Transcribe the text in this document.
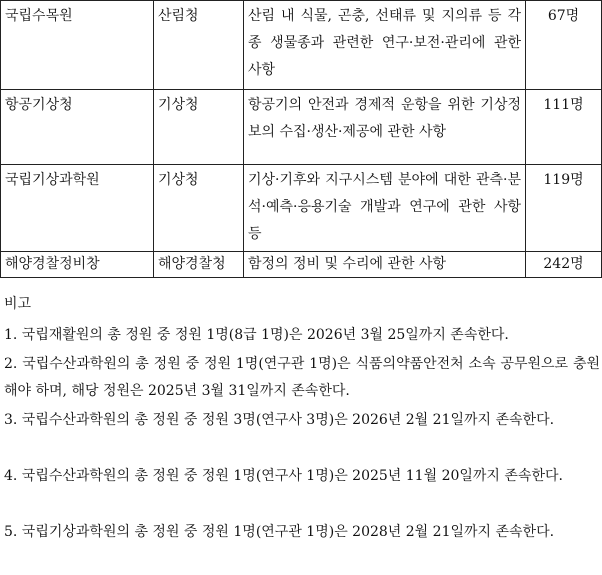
국립수목원	산림청	산림 내 식물, 곤충, 선태류 및 지의류 등 각종 생물종과 관련한 연구·보전·관리에 관한 사항	67명
항공기상청	기상청	항공기의 안전과 경제적 운항을 위한 기상정보의 수집·생산·제공에 관한 사항	111명
국립기상과학원	기상청	기상·기후와 지구시스템 분야에 대한 관측·분석·예측·응용기술 개발과 연구에 관한 사항 등	119명
해양경찰정비창	해양경찰청	함정의 정비 및 수리에 관한 사항	242명
비고
1. 국립재활원의 총 정원 중 정원 1명(8급 1명)은 2026년 3월 25일까지 존속한다.
2. 국립수산과학원의 총 정원 중 정원 1명(연구관 1명)은 식품의약품안전처 소속 공무원으로 충원해야 하며, 해당 정원은 2025년 3월 31일까지 존속한다.
3. 국립수산과학원의 총 정원 중 정원 3명(연구사 3명)은 2026년 2월 21일까지 존속한다.
4. 국립수산과학원의 총 정원 중 정원 1명(연구사 1명)은 2025년 11월 20일까지 존속한다.
5. 국립기상과학원의 총 정원 중 정원 1명(연구관 1명)은 2028년 2월 21일까지 존속한다.
